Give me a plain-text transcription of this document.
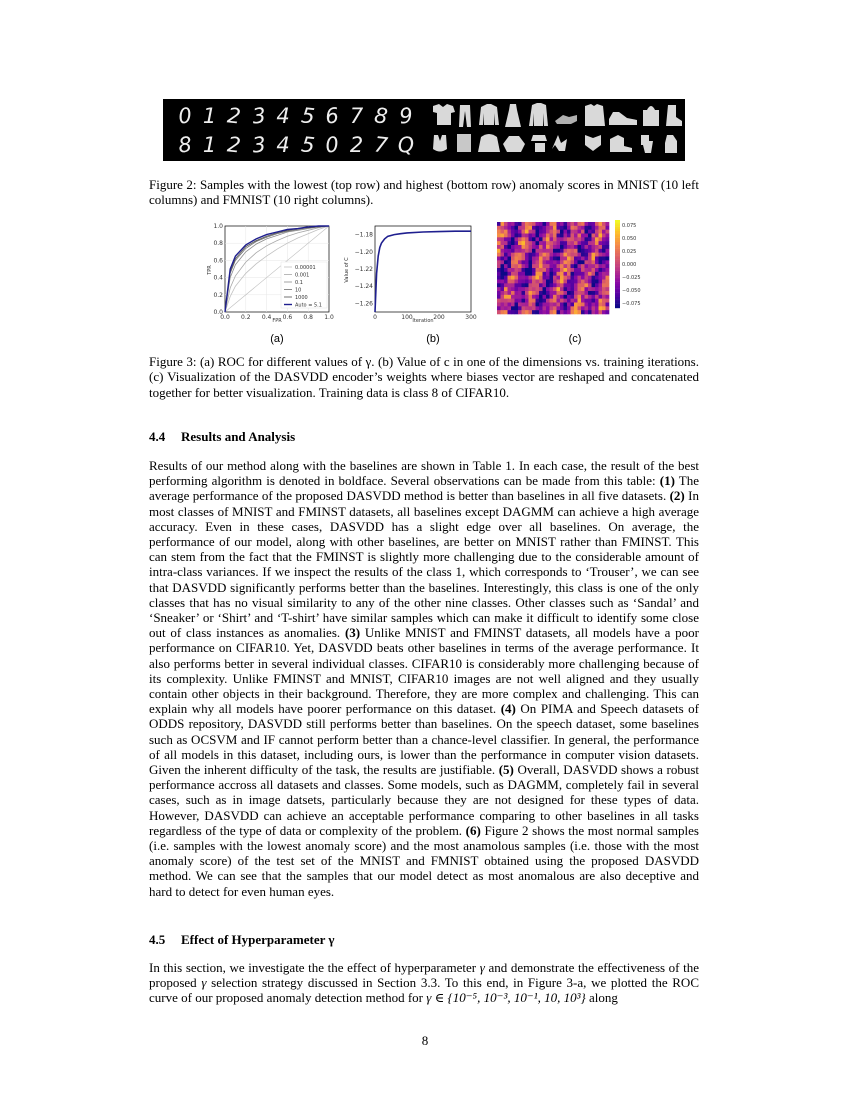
0 1 2 3 4 5 6 7 8 9
8 1 2 3 4 5 0 2 7 Q

Figure 2: Samples with the lowest (top row) and highest (bottom row) anomaly scores in MNIST (10 left columns) and FMNIST (10 right columns).

0.0 0.2 0.4 0.6 0.8 1.0
0.0
0.2
0.4
0.6
0.8
1.0
FPR
TPR	0.00001
0.001
0.1
10
1000
Auto = 5.1
(a)
0	100	200	300
−1.18
−1.20
−1.22
−1.24
−1.26
Iteration
Value of C
(b)
0.075
0.050
0.025
0.000
−0.025
−0.050
−0.075
(c)

Figure 3: (a) ROC for different values of γ. (b) Value of c in one of the dimensions vs. training iterations. (c) Visualization of the DASVDD encoder’s weights where biases vector are reshaped and concatenated together for better visualization. Training data is class 8 of CIFAR10.

4.4 Results and Analysis

Results of our method along with the baselines are shown in Table 1. In each case, the result of the best performing algorithm is denoted in boldface. Several observations can be made from this table: (1) The average performance of the proposed DASVDD method is better than baselines in all five datasets. (2) In most classes of MNIST and FMINST datasets, all baselines except DAGMM can achieve a high average accuracy. Even in these cases, DASVDD has a slight edge over all baselines. On average, the performance of our model, along with other baselines, are better on MNIST rather than FMINST. This can stem from the fact that the FMINST is slightly more challenging due to the considerable amount of intra-class variances. If we inspect the results of the class 1, which corresponds to ‘Trouser’, we can see that DASVDD significantly performs better than the baselines. Interestingly, this class is one of the only classes that has no visual similarity to any of the other nine classes. Other classes such as ‘Sandal’ and ‘Sneaker’ or ‘Shirt’ and ‘T-shirt’ have similar samples which can make it difficult to identify some close out of class instances as anomalies. (3) Unlike MNIST and FMINST datasets, all models have a poor performance on CIFAR10. Yet, DASVDD beats other baselines in terms of the average performance. It also performs better in several individual classes. CIFAR10 is considerably more challenging because of its complexity. Unlike FMINST and MNIST, CIFAR10 images are not well aligned and they usually contain other objects in their background. Therefore, they are more complex and challenging. This can explain why all models have poorer performance on this dataset. (4) On PIMA and Speech datasets of ODDS repository, DASVDD still performs better than baselines. On the speech dataset, some baselines such as OCSVM and IF cannot perform better than a chance-level classifier. In general, the performance of all models in this dataset, including ours, is lower than the performance in computer vision datasets. Given the inherent difficulty of the task, the results are justifiable. (5) Overall, DASVDD shows a robust performance accross all datasets and classes. Some models, such as DAGMM, completely fail in several cases, such as in image datsets, particularly because they are not designed for these types of data. However, DASVDD can achieve an acceptable performance comparing to other baselines in all tasks regardless of the type of data or complexity of the problem. (6) Figure 2 shows the most normal samples (i.e. samples with the lowest anomaly score) and the most anamolous samples (i.e. those with the most anomaly score) of the test set of the MNIST and FMNIST obtained using the proposed DASVDD method. We can see that the samples that our model detect as most anomalous are also deceptive and hard to detect for even human eyes.

4.5 Effect of Hyperparameter γ

In this section, we investigate the the effect of hyperparameter γ and demonstrate the effectiveness of the proposed γ selection strategy discussed in Section 3.3. To this end, in Figure 3-a, we plotted the ROC curve of our proposed anomaly detection method for γ ∈ {10⁻⁵, 10⁻³, 10⁻¹, 10, 10³} along

8
